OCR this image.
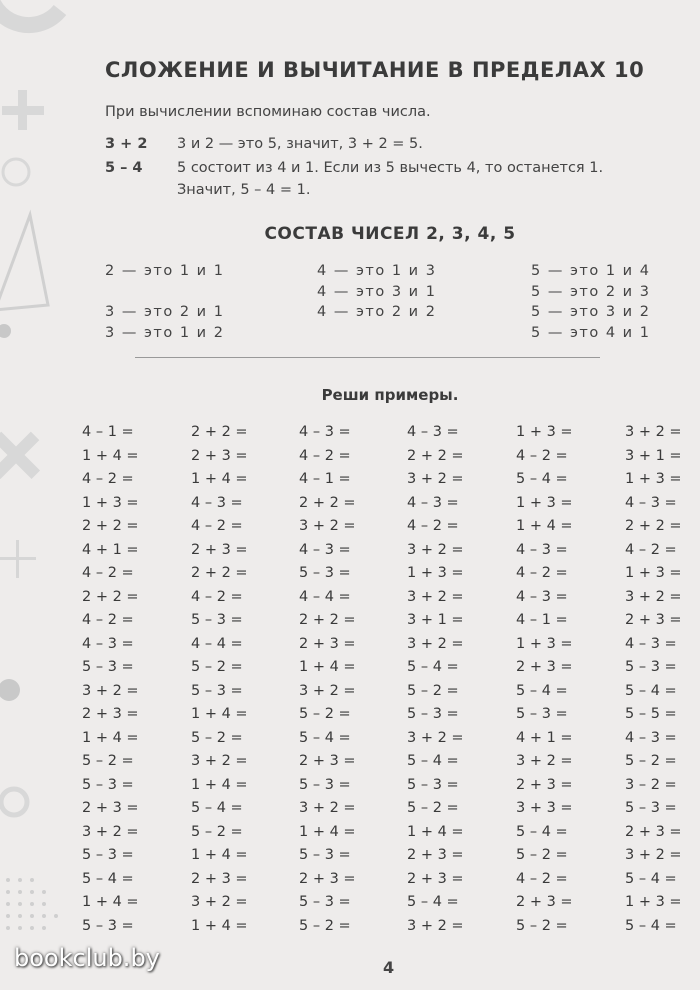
СЛОЖЕНИЕ И ВЫЧИТАНИЕ В ПРЕДЕЛАХ 10
При вычислении вспоминаю состав числа.
3 + 2 3 и 2 — это 5, значит, 3 + 2 = 5.
5 – 4 5 состоит из 4 и 1. Если из 5 вычесть 4, то останется 1.
Значит, 5 – 4 = 1.
СОСТАВ ЧИСЕЛ 2, 3, 4, 5
2 — это 1 и 1
3 — это 2 и 1
3 — это 1 и 2
4 — это 1 и 3
4 — это 3 и 1
4 — это 2 и 2
5 — это 1 и 4
5 — это 2 и 3
5 — это 3 и 2
5 — это 4 и 1
Реши примеры.
4 – 1 =
1 + 4 =
4 – 2 =
1 + 3 =
2 + 2 =
4 + 1 =
4 – 2 =
2 + 2 =
4 – 2 =
4 – 3 =
5 – 3 =
3 + 2 =
2 + 3 =
1 + 4 =
5 – 2 =
5 – 3 =
2 + 3 =
3 + 2 =
5 – 3 =
5 – 4 =
1 + 4 =
5 – 3 =
2 + 2 =
2 + 3 =
1 + 4 =
4 – 3 =
4 – 2 =
2 + 3 =
2 + 2 =
4 – 2 =
5 – 3 =
4 – 4 =
5 – 2 =
5 – 3 =
1 + 4 =
5 – 2 =
3 + 2 =
1 + 4 =
5 – 4 =
5 – 2 =
1 + 4 =
2 + 3 =
3 + 2 =
1 + 4 =
4 – 3 =
4 – 2 =
4 – 1 =
2 + 2 =
3 + 2 =
4 – 3 =
5 – 3 =
4 – 4 =
2 + 2 =
2 + 3 =
1 + 4 =
3 + 2 =
5 – 2 =
5 – 4 =
2 + 3 =
5 – 3 =
3 + 2 =
1 + 4 =
5 – 3 =
2 + 3 =
5 – 3 =
5 – 2 =
4 – 3 =
2 + 2 =
3 + 2 =
4 – 3 =
4 – 2 =
3 + 2 =
1 + 3 =
3 + 2 =
3 + 1 =
3 + 2 =
5 – 4 =
5 – 2 =
5 – 3 =
3 + 2 =
5 – 4 =
5 – 3 =
5 – 2 =
1 + 4 =
2 + 3 =
2 + 3 =
5 – 4 =
3 + 2 =
1 + 3 =
4 – 2 =
5 – 4 =
1 + 3 =
1 + 4 =
4 – 3 =
4 – 2 =
4 – 3 =
4 – 1 =
1 + 3 =
2 + 3 =
5 – 4 =
5 – 3 =
4 + 1 =
3 + 2 =
2 + 3 =
3 + 3 =
5 – 4 =
5 – 2 =
4 – 2 =
2 + 3 =
5 – 2 =
3 + 2 =
3 + 1 =
1 + 3 =
4 – 3 =
2 + 2 =
4 – 2 =
1 + 3 =
3 + 2 =
2 + 3 =
4 – 3 =
5 – 3 =
5 – 4 =
5 – 5 =
4 – 3 =
5 – 2 =
3 – 2 =
5 – 3 =
2 + 3 =
3 + 2 =
5 – 4 =
1 + 3 =
5 – 4 =
4
bookclub.by
